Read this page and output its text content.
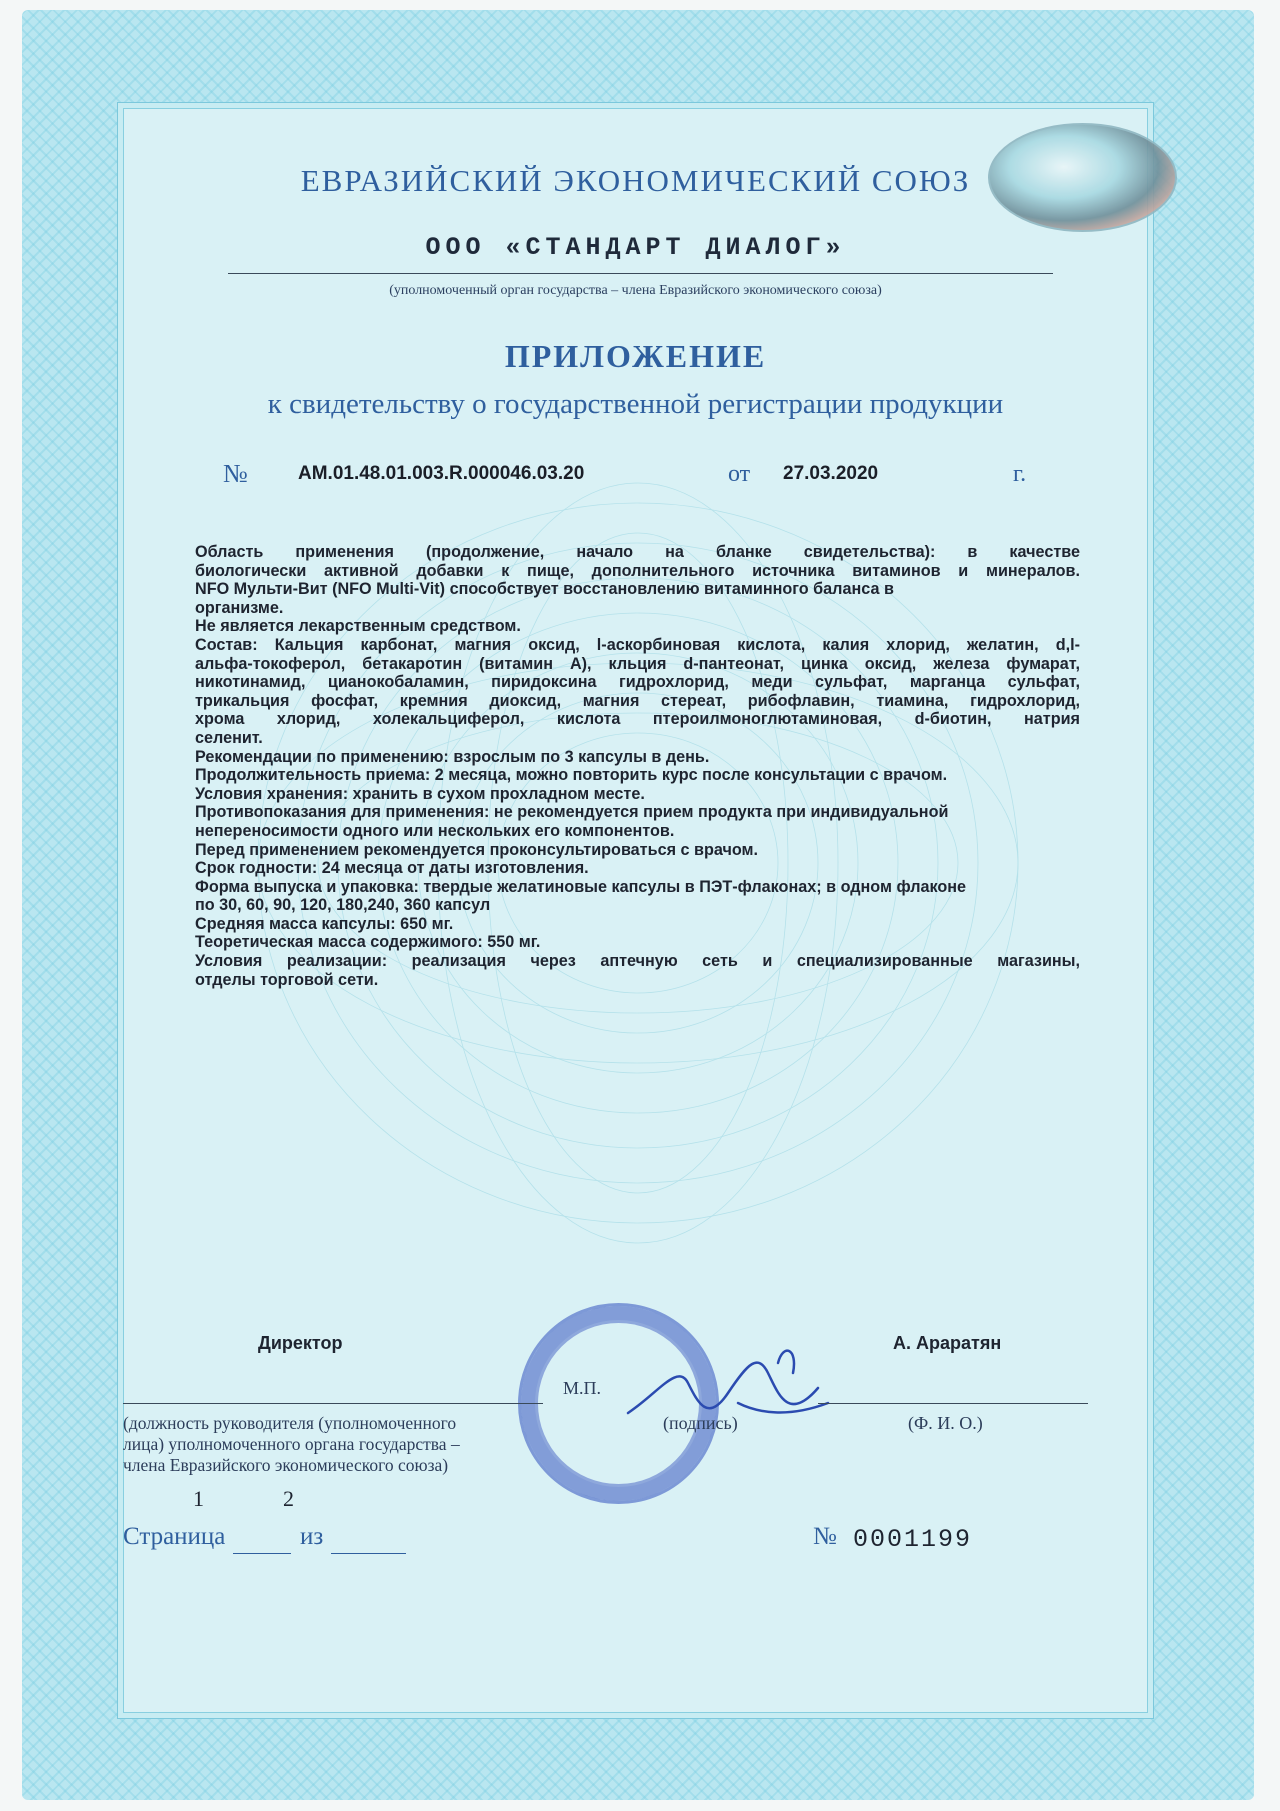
ЕВРАЗИЙСКИЙ ЭКОНОМИЧЕСКИЙ СОЮЗ
ООО «СТАНДАРТ ДИАЛОГ»
(уполномоченный орган государства – члена Евразийского экономического союза)
ПРИЛОЖЕНИЕ
к свидетельству о государственной регистрации продукции
№	AM.01.48.01.003.R.000046.03.20	от 27.03.2020	г.

Область применения (продолжение, начало на бланке свидетельства): в качестве

биологически активной добавки к пище, дополнительного источника витаминов и минералов.

NFO Мульти-Вит (NFO Multi-Vit) способствует восстановлению витаминного баланса в

организме.

Не является лекарственным средством.

Состав: Кальция карбонат, магния оксид, l-аскорбиновая кислота, калия хлорид, желатин, d,l-

альфа-токоферол, бетакаротин (витамин А), кльция d-пантеонат, цинка оксид, железа фумарат,

никотинамид, цианокобаламин, пиридоксина гидрохлорид, меди сульфат, марганца сульфат,

трикальция фосфат, кремния диоксид, магния стереат, рибофлавин, тиамина, гидрохлорид,

хрома хлорид, холекальциферол, кислота птероилмоноглютаминовая, d-биотин, натрия

селенит.

Рекомендации по применению: взрослым по 3 капсулы в день.

Продолжительность приема: 2 месяца, можно повторить курс после консультации с врачом.

Условия хранения: хранить в сухом прохладном месте.

Противопоказания для применения: не рекомендуется прием продукта при индивидуальной

непереносимости одного или нескольких его компонентов.

Перед применением рекомендуется проконсультироваться с врачом.

Срок годности: 24 месяца от даты изготовления.

Форма выпуска и упаковка: твердые желатиновые капсулы в ПЭТ-флаконах; в одном флаконе

по 30, 60, 90, 120, 180,240, 360 капсул

Средняя масса капсулы: 650 мг.

Теоретическая масса содержимого: 550 мг.

Условия реализации: реализация через аптечную сеть и специализированные магазины,

отделы торговой сети.

Директор	А. Араратян
М.П.
(подпись)	(Ф. И. О.)
(должность руководителя (уполномоченного лица) уполномоченного органа государства – члена Евразийского экономического союза)
1	2
Страница	из	№ 0001199
